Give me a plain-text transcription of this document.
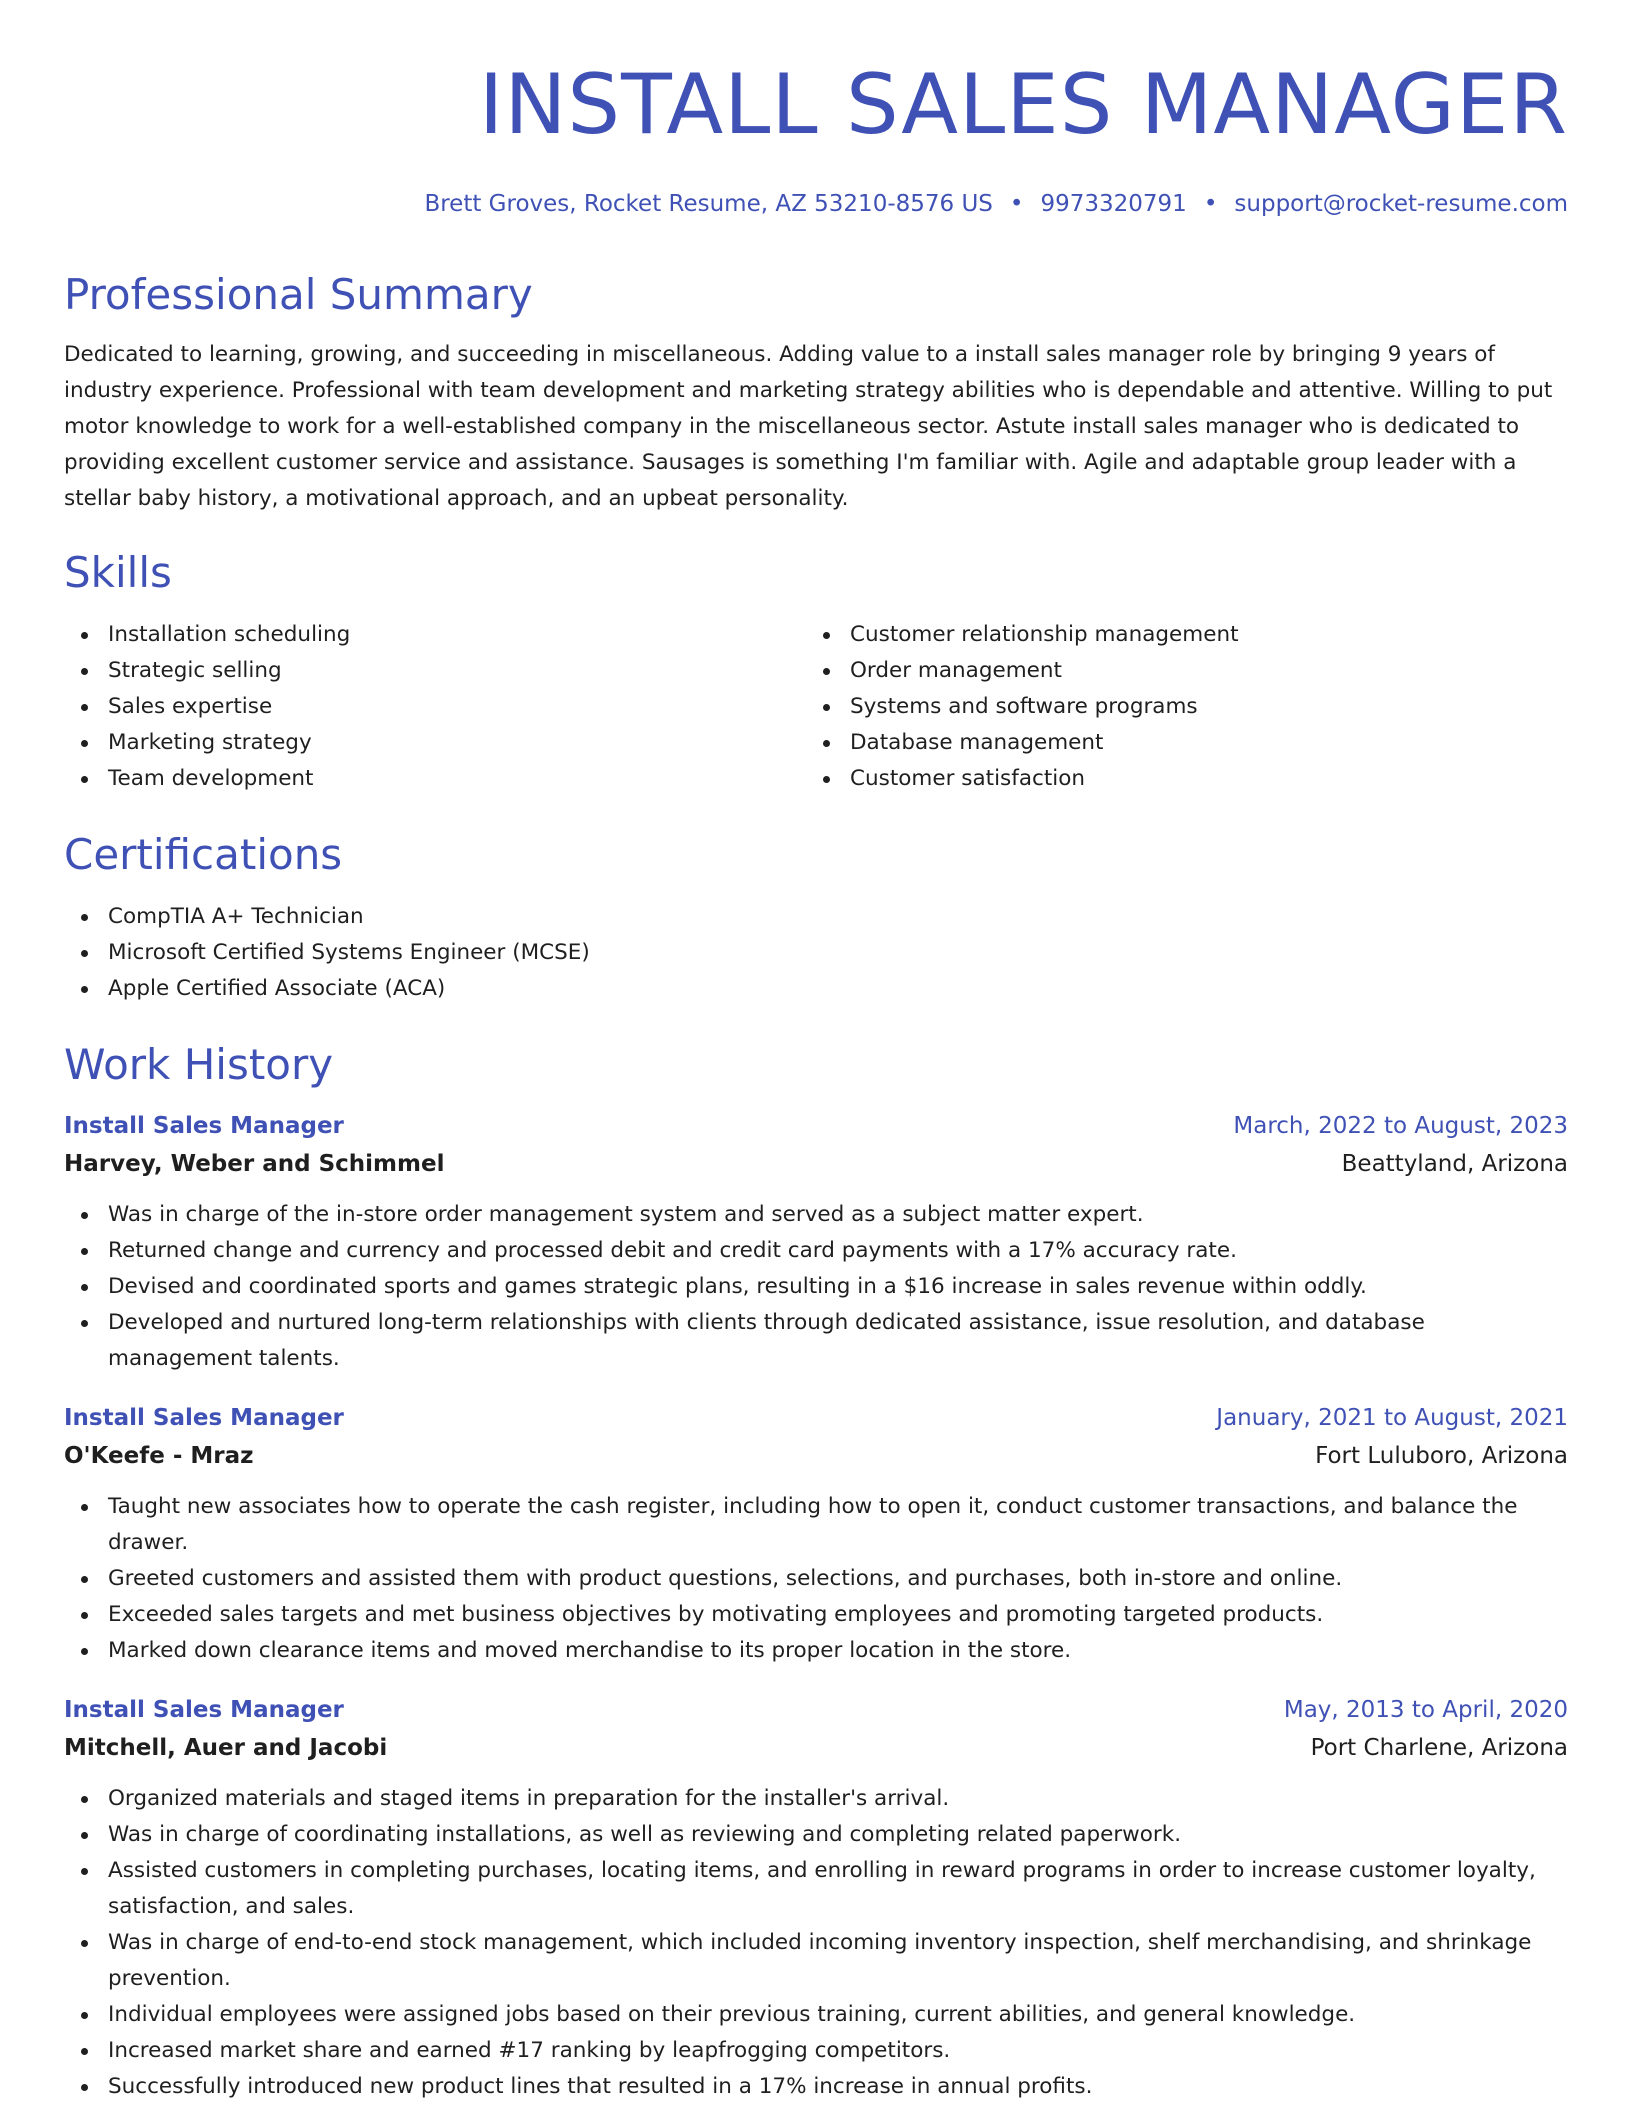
INSTALL SALES MANAGER
Brett Groves, Rocket Resume, AZ 53210-8576 US • 9973320791 • support@rocket-resume.com
Professional Summary

Dedicated to learning, growing, and succeeding in miscellaneous. Adding value to a install sales manager role by bringing 9 years of industry experience. Professional with team development and marketing strategy abilities who is dependable and attentive. Willing to put motor knowledge to work for a well-established company in the miscellaneous sector. Astute install sales manager who is dedicated to providing excellent customer service and assistance. Sausages is something I'm familiar with. Agile and adaptable group leader with a stellar baby history, a motivational approach, and an upbeat personality.

Skills
Installation scheduling
Strategic selling
Sales expertise
Marketing strategy
Team development
Customer relationship management
Order management
Systems and software programs
Database management
Customer satisfaction
Certifications
CompTIA A+ Technician
Microsoft Certified Systems Engineer (MCSE)
Apple Certified Associate (ACA)
Work History
Install Sales Manager	March, 2022 to August, 2023
Harvey, Weber and Schimmel	Beattyland, Arizona
Was in charge of the in-store order management system and served as a subject matter expert.
Returned change and currency and processed debit and credit card payments with a 17% accuracy rate.
Devised and coordinated sports and games strategic plans, resulting in a $16 increase in sales revenue within oddly.
Developed and nurtured long-term relationships with clients through dedicated assistance, issue resolution, and database management talents.
Install Sales Manager	January, 2021 to August, 2021
O'Keefe - Mraz	Fort Luluboro, Arizona
Taught new associates how to operate the cash register, including how to open it, conduct customer transactions, and balance the drawer.
Greeted customers and assisted them with product questions, selections, and purchases, both in-store and online.
Exceeded sales targets and met business objectives by motivating employees and promoting targeted products.
Marked down clearance items and moved merchandise to its proper location in the store.
Install Sales Manager	May, 2013 to April, 2020
Mitchell, Auer and Jacobi	Port Charlene, Arizona
Organized materials and staged items in preparation for the installer's arrival.
Was in charge of coordinating installations, as well as reviewing and completing related paperwork.
Assisted customers in completing purchases, locating items, and enrolling in reward programs in order to increase customer loyalty, satisfaction, and sales.
Was in charge of end-to-end stock management, which included incoming inventory inspection, shelf merchandising, and shrinkage prevention.
Individual employees were assigned jobs based on their previous training, current abilities, and general knowledge.
Increased market share and earned #17 ranking by leapfrogging competitors.
Successfully introduced new product lines that resulted in a 17% increase in annual profits.
